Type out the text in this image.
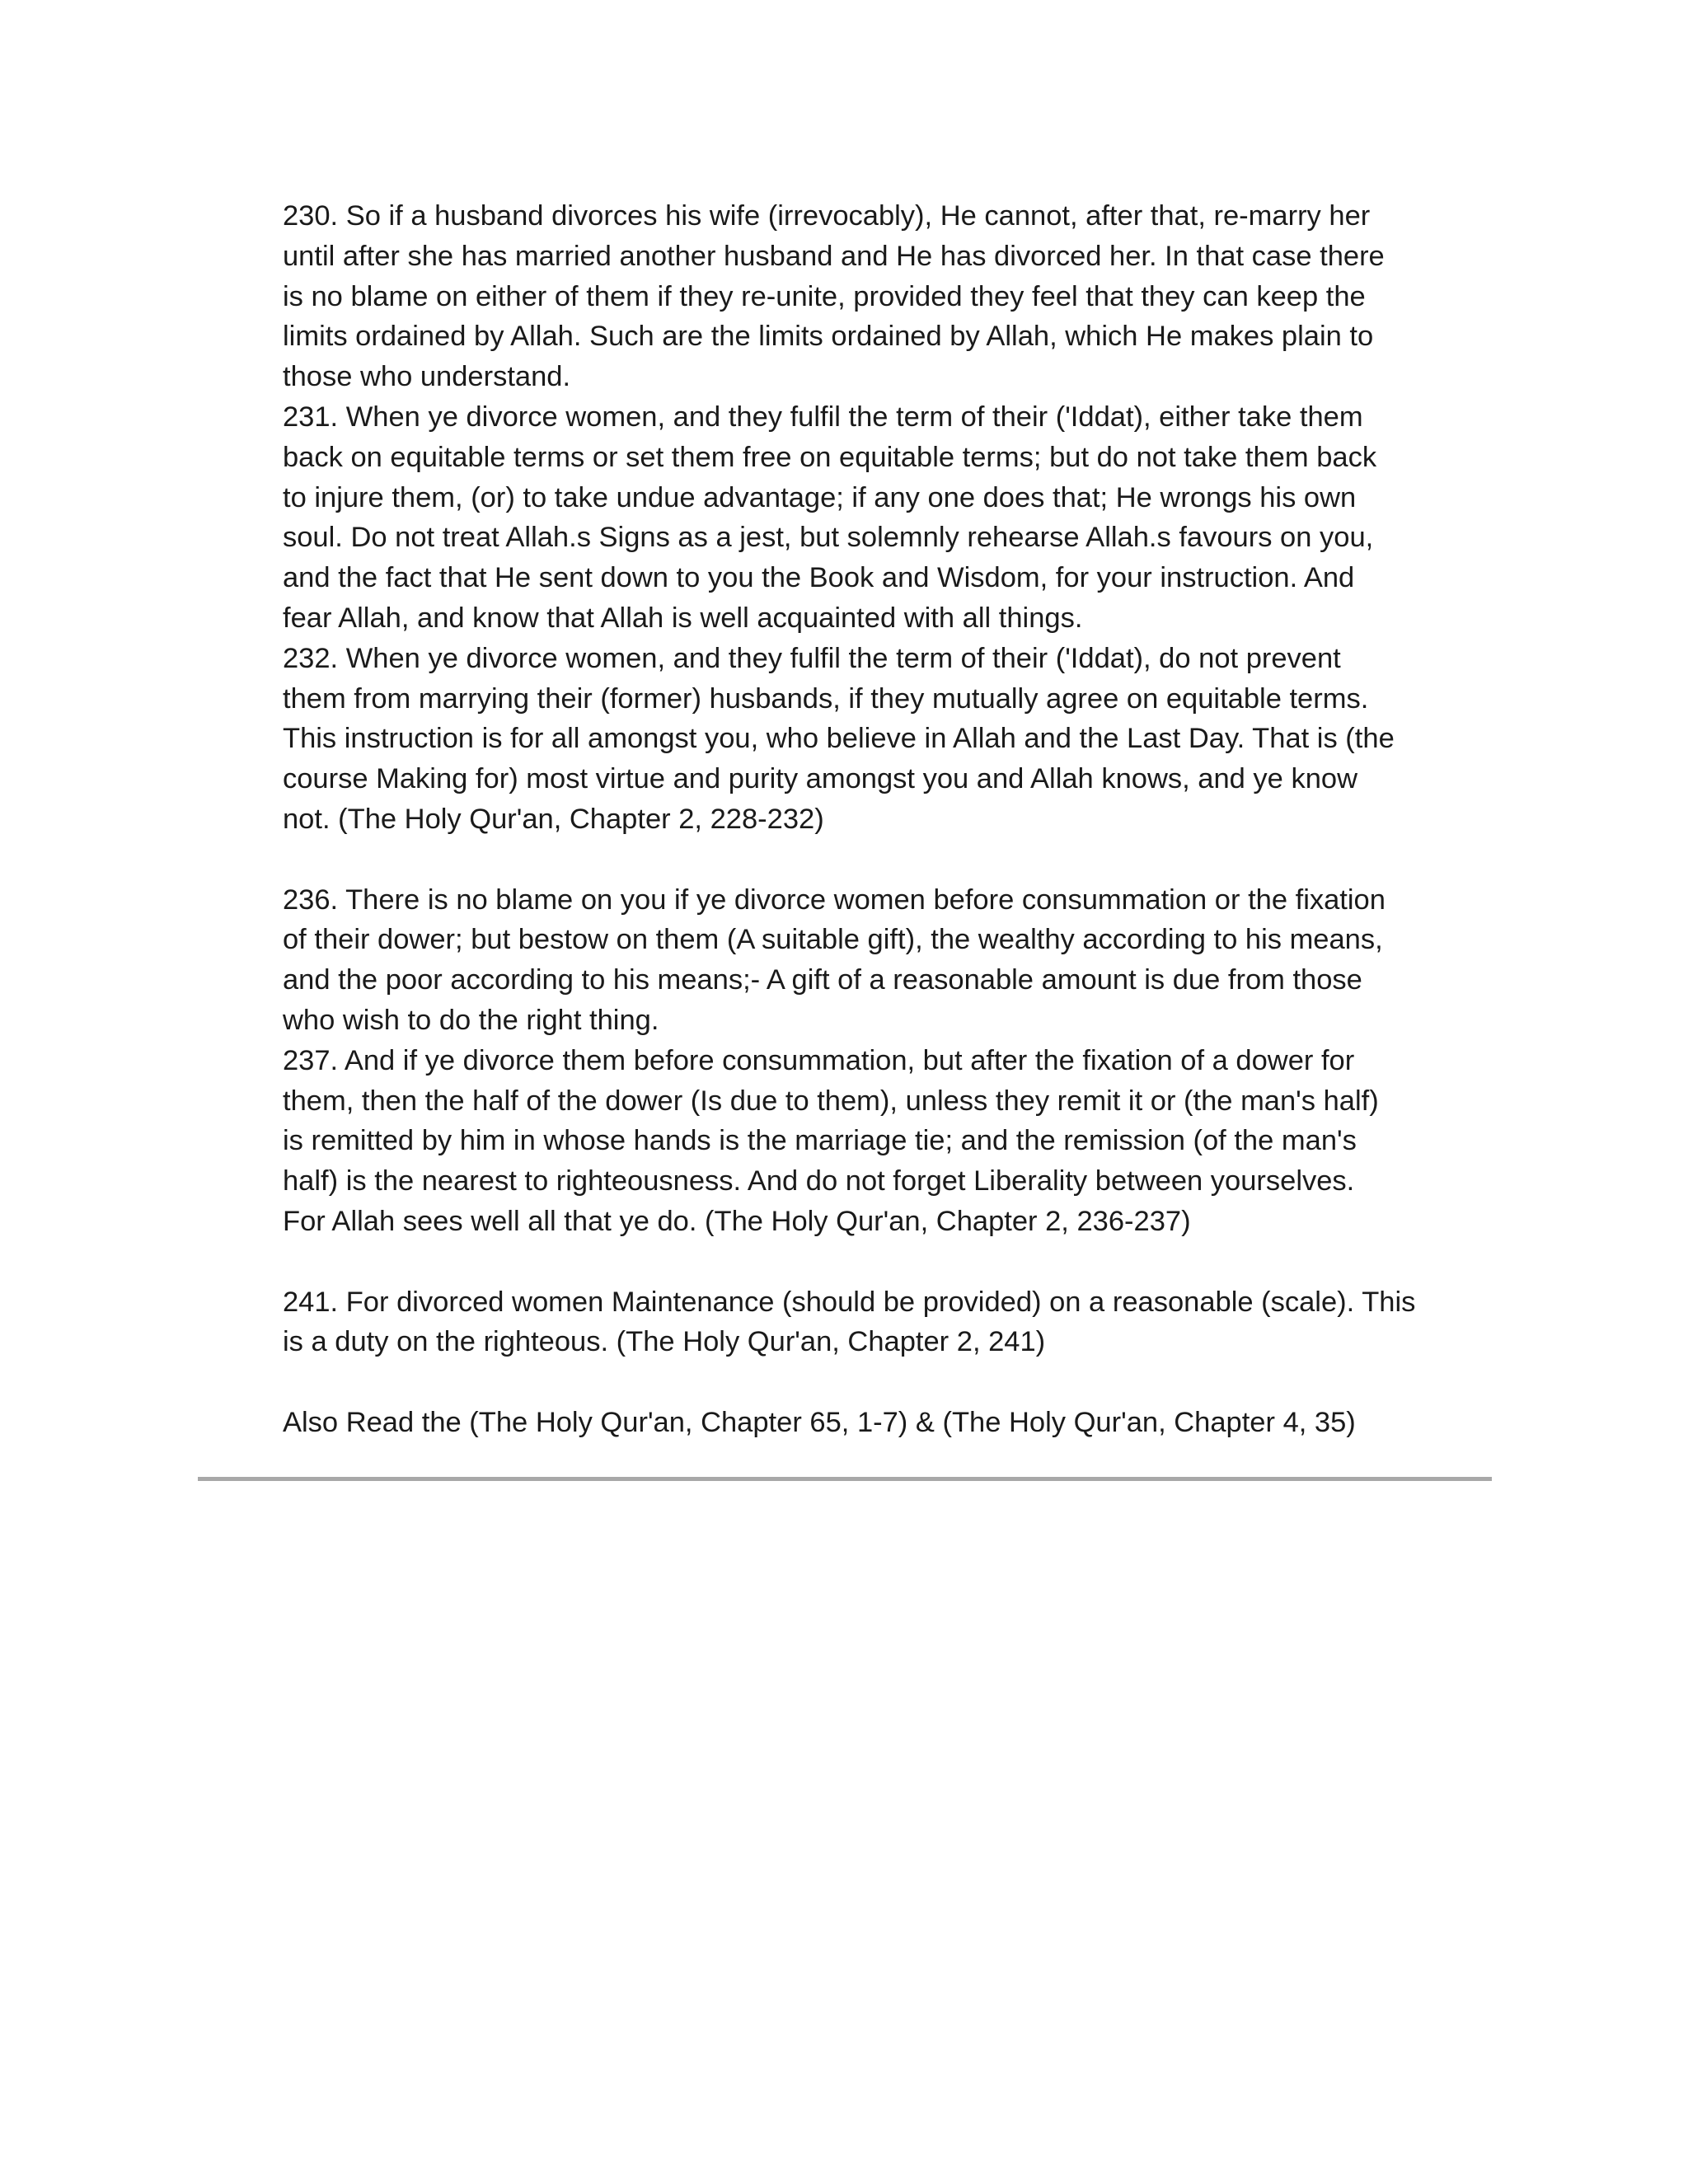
230. So if a husband divorces his wife (irrevocably), He cannot, after that, re-marry her
until after she has married another husband and He has divorced her. In that case there
is no blame on either of them if they re-unite, provided they feel that they can keep the
limits ordained by Allah. Such are the limits ordained by Allah, which He makes plain to
those who understand.
231. When ye divorce women, and they fulfil the term of their ('Iddat), either take them
back on equitable terms or set them free on equitable terms; but do not take them back
to injure them, (or) to take undue advantage; if any one does that; He wrongs his own
soul. Do not treat Allah.s Signs as a jest, but solemnly rehearse Allah.s favours on you,
and the fact that He sent down to you the Book and Wisdom, for your instruction. And
fear Allah, and know that Allah is well acquainted with all things.
232. When ye divorce women, and they fulfil the term of their ('Iddat), do not prevent
them from marrying their (former) husbands, if they mutually agree on equitable terms.
This instruction is for all amongst you, who believe in Allah and the Last Day. That is (the
course Making for) most virtue and purity amongst you and Allah knows, and ye know
not. (The Holy Qur'an, Chapter 2, 228-232)
236. There is no blame on you if ye divorce women before consummation or the fixation
of their dower; but bestow on them (A suitable gift), the wealthy according to his means,
and the poor according to his means;- A gift of a reasonable amount is due from those
who wish to do the right thing.
237. And if ye divorce them before consummation, but after the fixation of a dower for
them, then the half of the dower (Is due to them), unless they remit it or (the man's half)
is remitted by him in whose hands is the marriage tie; and the remission (of the man's
half) is the nearest to righteousness. And do not forget Liberality between yourselves.
For Allah sees well all that ye do. (The Holy Qur'an, Chapter 2, 236-237)
241. For divorced women Maintenance (should be provided) on a reasonable (scale). This
is a duty on the righteous. (The Holy Qur'an, Chapter 2, 241)
Also Read the (The Holy Qur'an, Chapter 65, 1-7) & (The Holy Qur'an, Chapter 4, 35)
